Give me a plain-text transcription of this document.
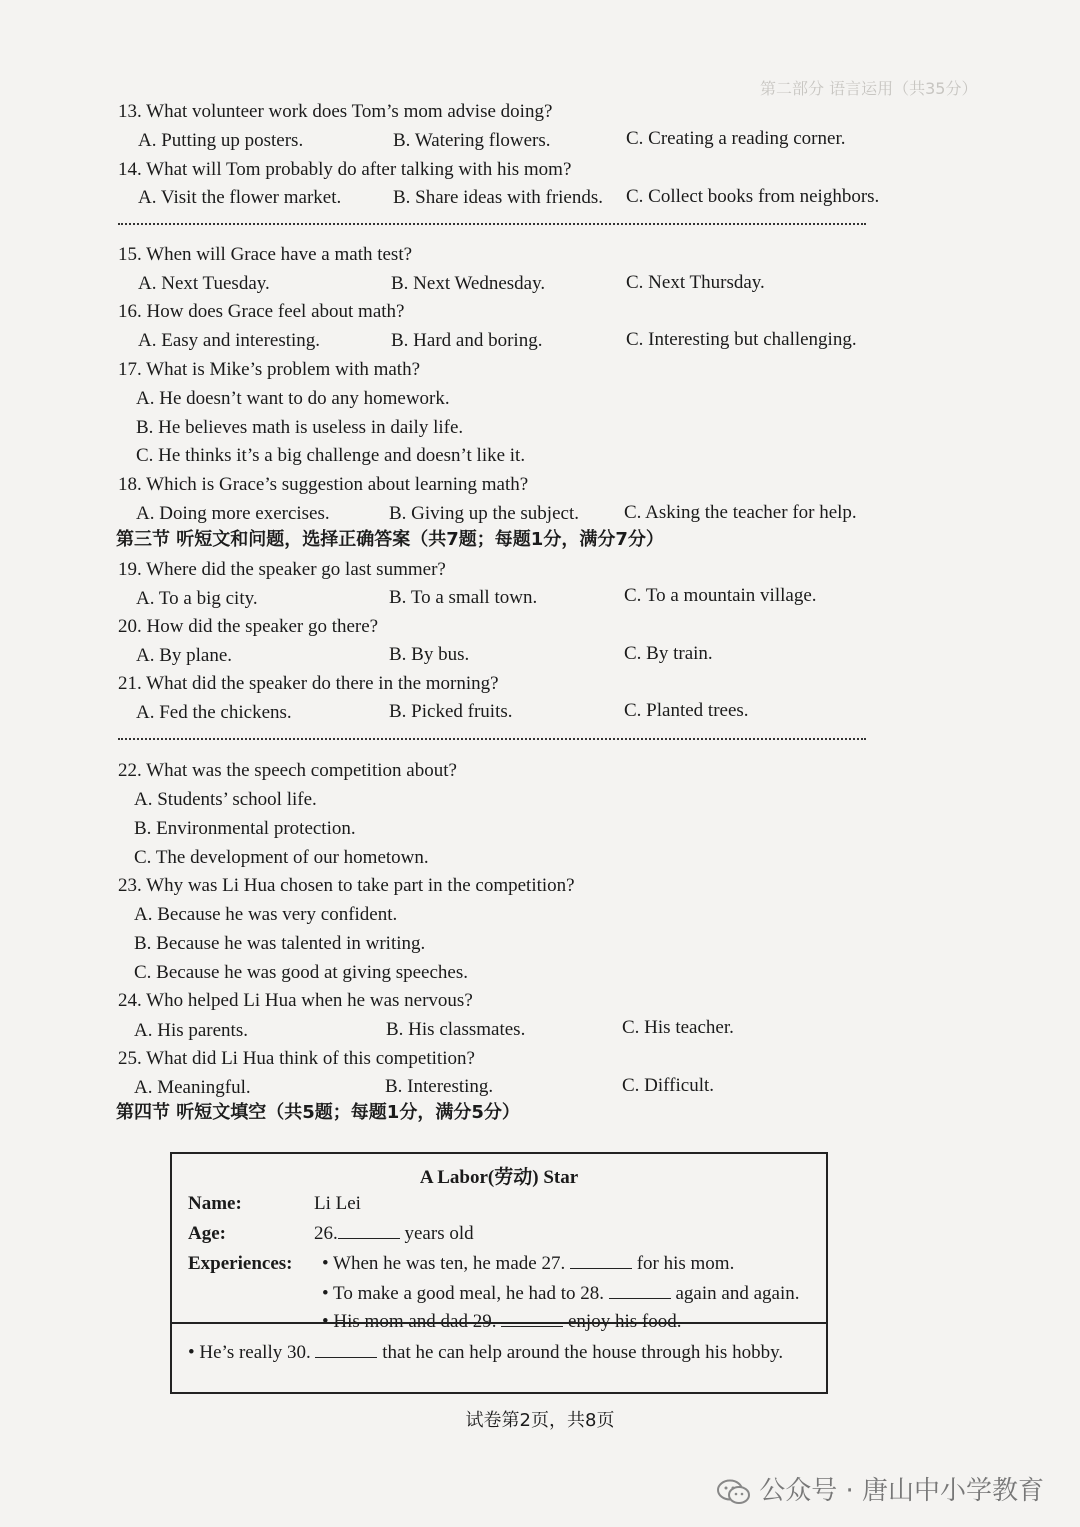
第二部分 语言运用（共35分）
13. What volunteer work does Tom’s mom advise doing?
A. Putting up posters.	B. Watering flowers.	C. Creating a reading corner.
14. What will Tom probably do after talking with his mom?
A. Visit the flower market.	B. Share ideas with friends. C. Collect books from neighbors.
15. When will Grace have a math test?
A. Next Tuesday.	B. Next Wednesday.	C. Next Thursday.
16. How does Grace feel about math?
A. Easy and interesting.	B. Hard and boring.	C. Interesting but challenging.
17. What is Mike’s problem with math?
A. He doesn’t want to do any homework.
B. He believes math is useless in daily life.
C. He thinks it’s a big challenge and doesn’t like it.
18. Which is Grace’s suggestion about learning math?
A. Doing more exercises.	B. Giving up the subject. C. Asking the teacher for help.
第三节 听短文和问题，选择正确答案（共7题；每题1分，满分7分）
19. Where did the speaker go last summer?
A. To a big city.	B. To a small town.	C. To a mountain village.
20. How did the speaker go there?
A. By plane.	B. By bus.	C. By train.
21. What did the speaker do there in the morning?
A. Fed the chickens.	B. Picked fruits.	C. Planted trees.
22. What was the speech competition about?
A. Students’ school life.
B. Environmental protection.
C. The development of our hometown.
23. Why was Li Hua chosen to take part in the competition?
A. Because he was very confident.
B. Because he was talented in writing.
C. Because he was good at giving speeches.
24. Who helped Li Hua when he was nervous?
A. His parents.	B. His classmates.	C. His teacher.
25. What did Li Hua think of this competition?
A. Meaningful.	B. Interesting.	C. Difficult.
第四节 听短文填空（共5题；每题1分，满分5分）
A Labor(劳动) Star
Name:	Li Lei
Age:	26.	years old
Experiences: • When he was ten, he made 27.	for his mom.
• To make a good meal, he had to 28.	again and again.
• His mom and dad 29.	enjoy his food.
• He’s really 30.	that he can help around the house through his hobby.
试卷第2页，共8页
公众号 · 唐山中小学教育
